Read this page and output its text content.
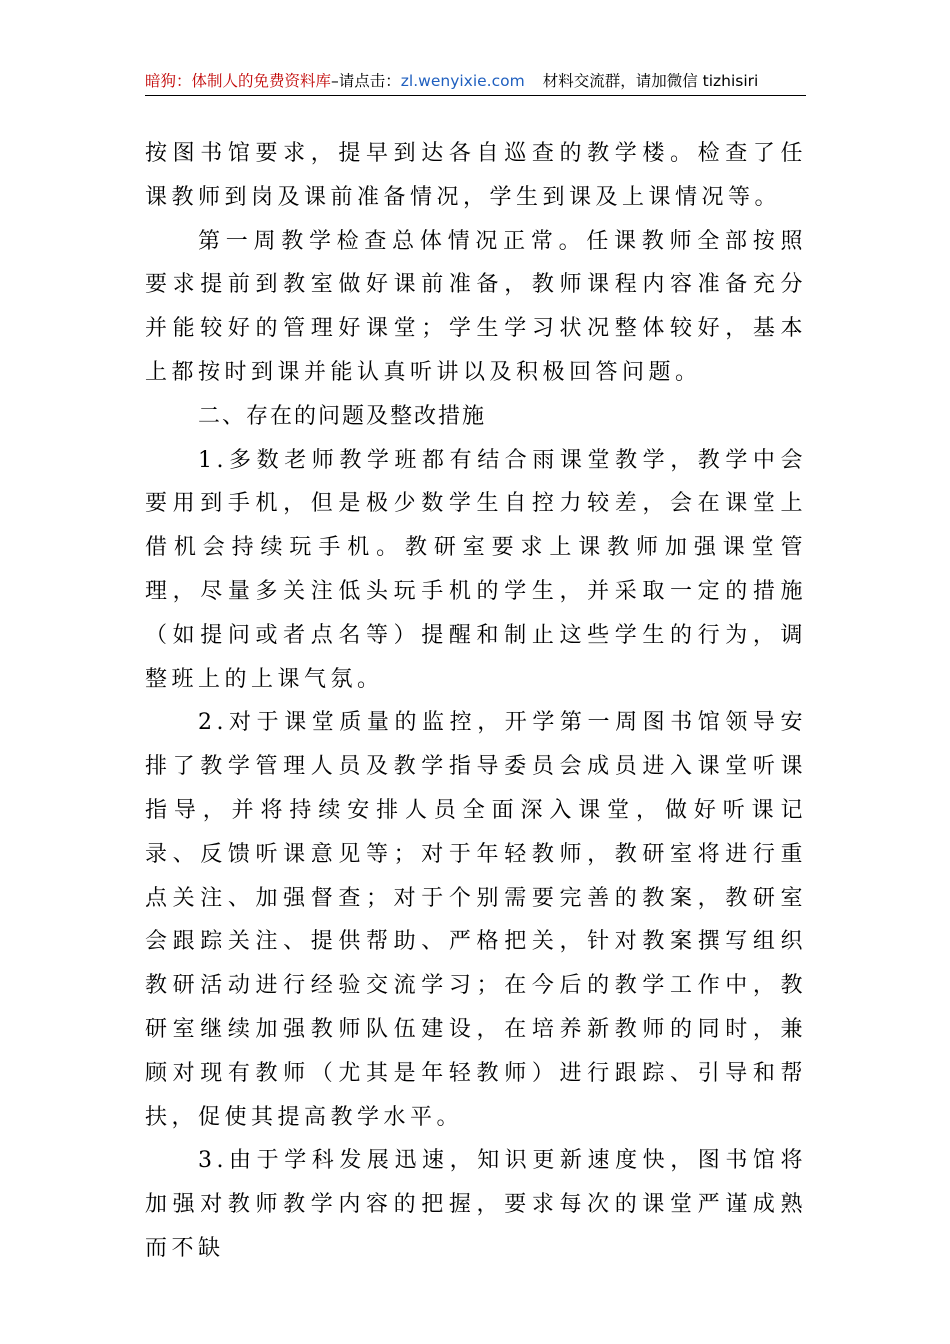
暗狗：体制人的免费资料库–请点击：zl.wenyixie.com 材料交流群，请加微信 tizhisiri

按图书馆要求，提早到达各自巡查的教学楼。检查了任课教师到岗及课前准备情况，学生到课及上课情况等。

第一周教学检查总体情况正常。任课教师全部按照要求提前到教室做好课前准备，教师课程内容准备充分并能较好的管理好课堂；学生学习状况整体较好，基本上都按时到课并能认真听讲以及积极回答问题。

二、存在的问题及整改措施

1.多数老师教学班都有结合雨课堂教学，教学中会要用到手机，但是极少数学生自控力较差，会在课堂上借机会持续玩手机。教研室要求上课教师加强课堂管理，尽量多关注低头玩手机的学生，并采取一定的措施（如提问或者点名等）提醒和制止这些学生的行为，调整班上的上课气氛。

2.对于课堂质量的监控，开学第一周图书馆领导安排了教学管理人员及教学指导委员会成员进入课堂听课指导，并将持续安排人员全面深入课堂，做好听课记录、反馈听课意见等；对于年轻教师，教研室将进行重点关注、加强督查；对于个别需要完善的教案，教研室会跟踪关注、提供帮助、严格把关，针对教案撰写组织教研活动进行经验交流学习；在今后的教学工作中，教研室继续加强教师队伍建设，在培养新教师的同时，兼顾对现有教师（尤其是年轻教师）进行跟踪、引导和帮扶，促使其提高教学水平。

3.由于学科发展迅速，知识更新速度快，图书馆将加强对教师教学内容的把握，要求每次的课堂严谨成熟而不缺
